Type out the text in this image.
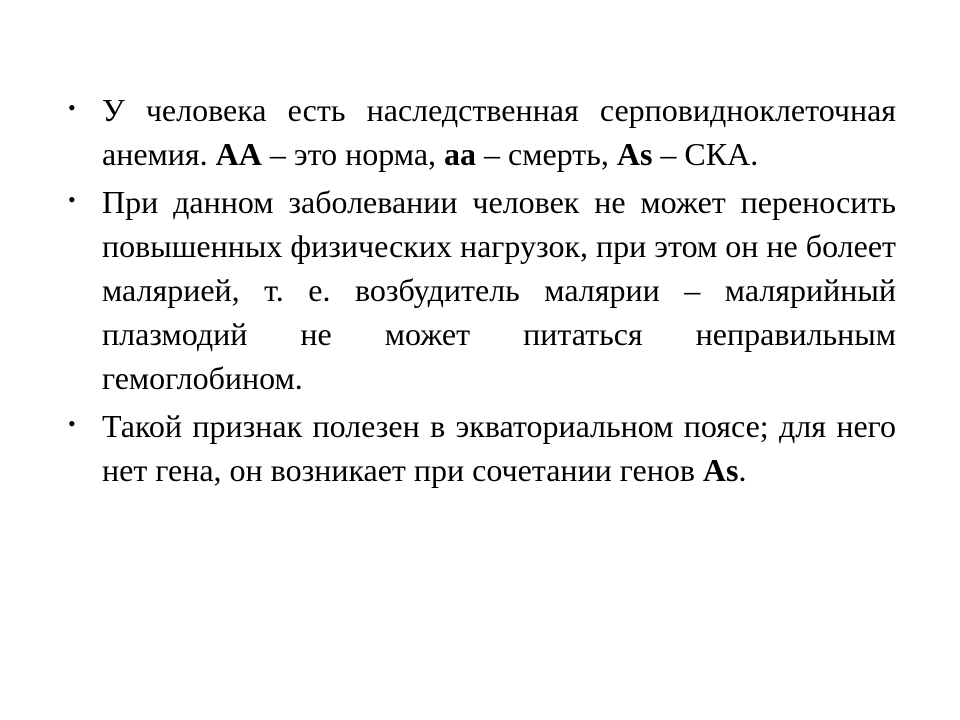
• У человека есть наследственная серповидноклеточная анемия. АА – это норма, аа – смерть, As – СКА.
• При данном заболевании человек не может переносить повышенных физических нагрузок, при этом он не болеет малярией, т. е. возбудитель малярии – малярийный плазмодий не может питаться неправильным гемоглобином.
• Такой признак полезен в экваториальном поясе; для него нет гена, он возникает при сочетании генов As.
